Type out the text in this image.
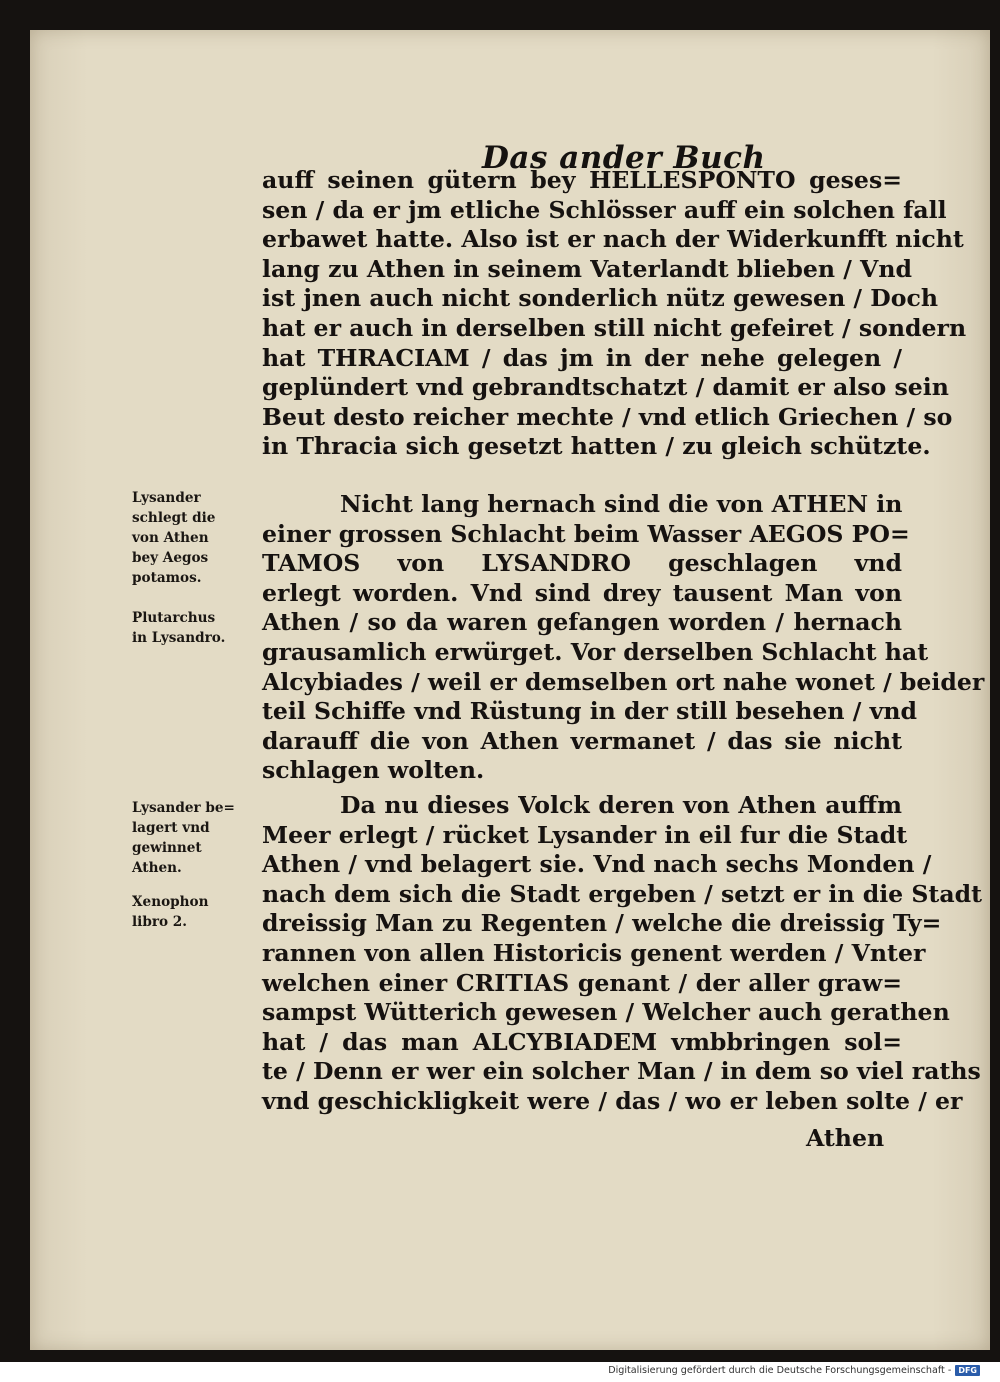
Das ander Buch
auff seinen gütern bey HELLESPONTO geses=
sen / da er jm etliche Schlösser auff ein solchen fall
erbawet hatte. Also ist er nach der Widerkunfft nicht
lang zu Athen in seinem Vaterlandt blieben / Vnd
ist jnen auch nicht sonderlich nütz gewesen / Doch
hat er auch in derselben still nicht gefeiret / sondern
hat THRACIAM / das jm in der nehe gelegen /
geplündert vnd gebrandtschatzt / damit er also sein
Beut desto reicher mechte / vnd etlich Griechen / so
in Thracia sich gesetzt hatten / zu gleich schützte.
Nicht lang hernach sind die von ATHEN in
einer grossen Schlacht beim Wasser AEGOS PO=
TAMOS von LYSANDRO geschlagen vnd
erlegt worden. Vnd sind drey tausent Man von
Athen / so da waren gefangen worden / hernach
grausamlich erwürget. Vor derselben Schlacht hat
Alcybiades / weil er demselben ort nahe wonet / beider
teil Schiffe vnd Rüstung in der still besehen / vnd
darauff die von Athen vermanet / das sie nicht
schlagen wolten.
Da nu dieses Volck deren von Athen auffm
Meer erlegt / rücket Lysander in eil fur die Stadt
Athen / vnd belagert sie. Vnd nach sechs Monden /
nach dem sich die Stadt ergeben / setzt er in die Stadt
dreissig Man zu Regenten / welche die dreissig Ty=
rannen von allen Historicis genent werden / Vnter
welchen einer CRITIAS genant / der aller graw=
sampst Wütterich gewesen / Welcher auch gerathen
hat / das man ALCYBIADEM vmbbringen sol=
te / Denn er wer ein solcher Man / in dem so viel raths
vnd geschickligkeit were / das / wo er leben solte / er
Athen
Lysander
schlegt die
von Athen
bey Aegos
potamos.
Plutarchus
in Lysandro.
Lysander be=
lagert vnd
gewinnet
Athen.
Xenophon
libro 2.
Digitalisierung gefördert durch die Deutsche Forschungsgemeinschaft - DFG
